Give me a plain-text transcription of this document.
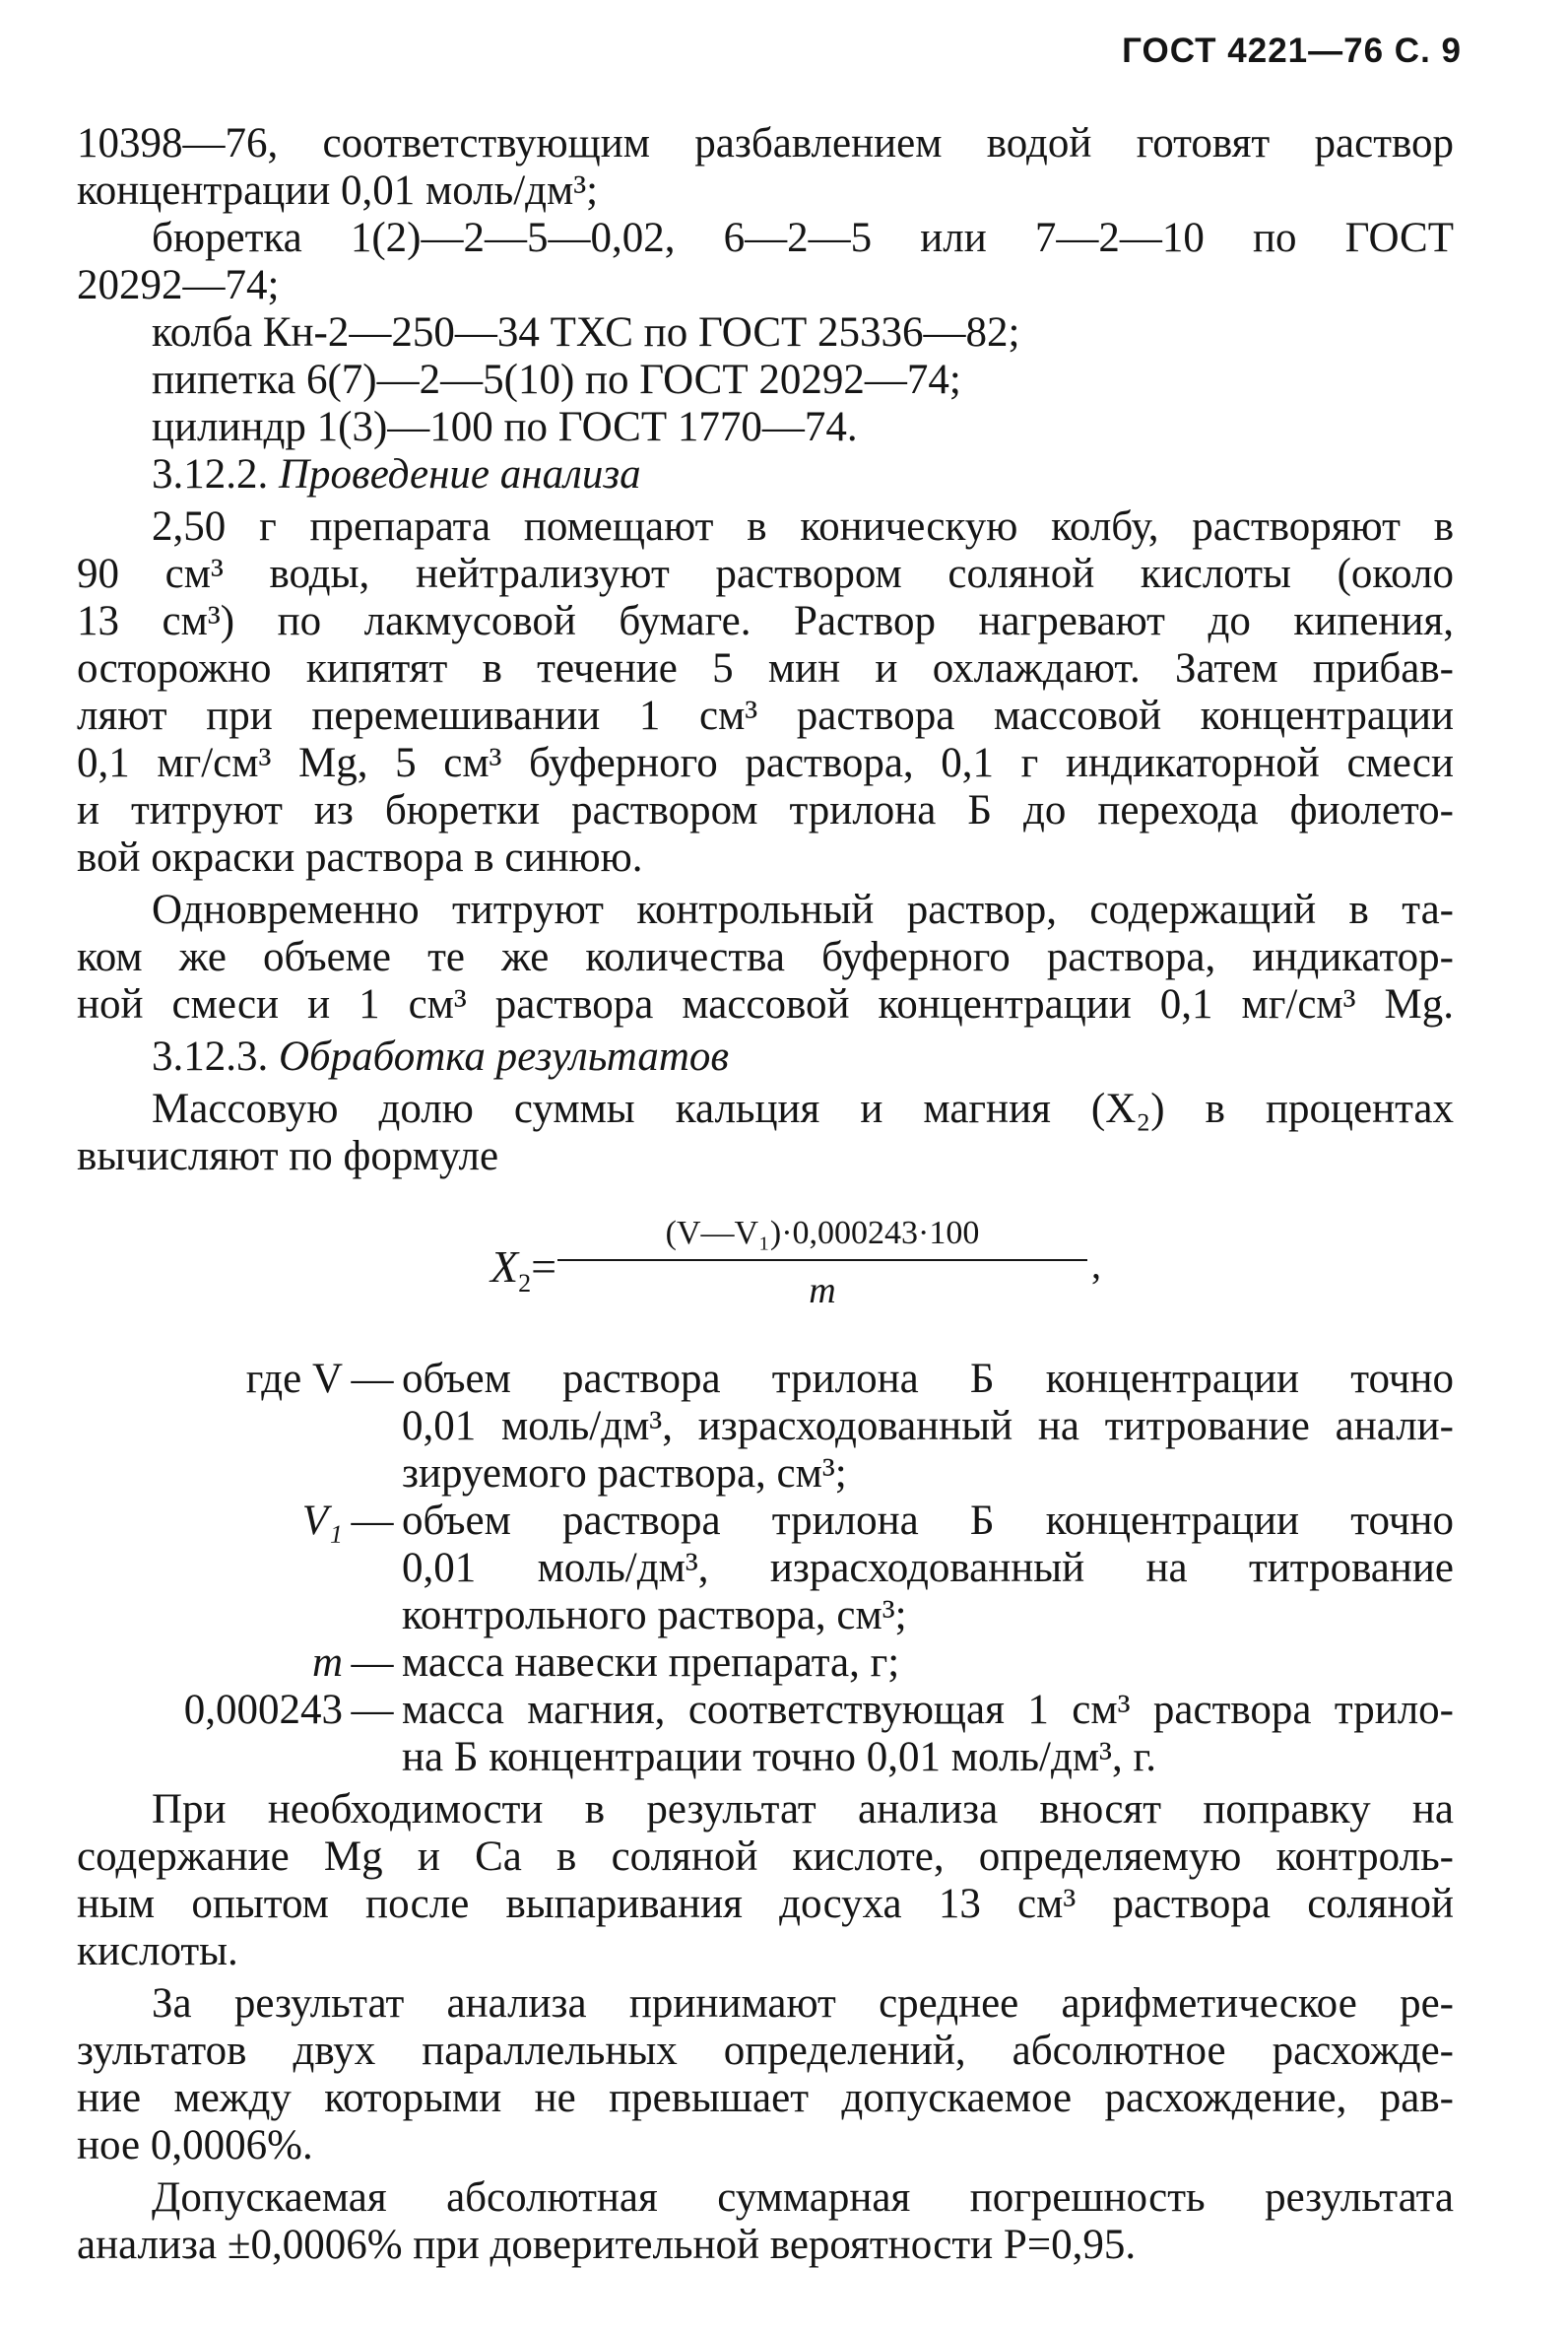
ГОСТ 4221—76 С. 9
10398—76, соответствующим разбавлением водой готовят раствор
концентрации 0,01 моль/дм³;
бюретка 1(2)—2—5—0,02, 6—2—5 или 7—2—10 по ГОСТ
20292—74;
колба Кн-2—250—34 ТХС по ГОСТ 25336—82;
пипетка 6(7)—2—5(10) по ГОСТ 20292—74;
цилиндр 1(3)—100 по ГОСТ 1770—74.
3.12.2. Проведение анализа
2,50 г препарата помещают в коническую колбу, растворяют в
90 см³ воды, нейтрализуют раствором соляной кислоты (около
13 см³) по лакмусовой бумаге. Раствор нагревают до кипения,
осторожно кипятят в течение 5 мин и охлаждают. Затем прибав-
ляют при перемешивании 1 см³ раствора массовой концентрации
0,1 мг/см³ Mg, 5 см³ буферного раствора, 0,1 г индикаторной смеси
и титруют из бюретки раствором трилона Б до перехода фиолето-
вой окраски раствора в синюю.
Одновременно титруют контрольный раствор, содержащий в та-
ком же объеме те же количества буферного раствора, индикатор-
ной смеси и 1 см³ раствора массовой концентрации 0,1 мг/см³ Mg.
3.12.3. Обработка результатов
Массовую долю суммы кальция и магния (X₂) в процентах
вычисляют по формуле
$X_2=$
(V—V₁)·0,000243·100
m
,
где V — объем раствора трилона Б концентрации точно
0,01 моль/дм³, израсходованный на титрование анали-
зируемого раствора, см³;
V₁ — объем раствора трилона Б концентрации точно
0,01 моль/дм³, израсходованный на титрование
контрольного раствора, см³;
m — масса навески препарата, г;
0,000243 — масса магния, соответствующая 1 см³ раствора трило-
на Б концентрации точно 0,01 моль/дм³, г.
При необходимости в результат анализа вносят поправку на
содержание Mg и Ca в соляной кислоте, определяемую контроль-
ным опытом после выпаривания досуха 13 см³ раствора соляной
кислоты.
За результат анализа принимают среднее арифметическое ре-
зультатов двух параллельных определений, абсолютное расхожде-
ние между которыми не превышает допускаемое расхождение, рав-
ное 0,0006%.
Допускаемая абсолютная суммарная погрешность результата
анализа ±0,0006% при доверительной вероятности P=0,95.
